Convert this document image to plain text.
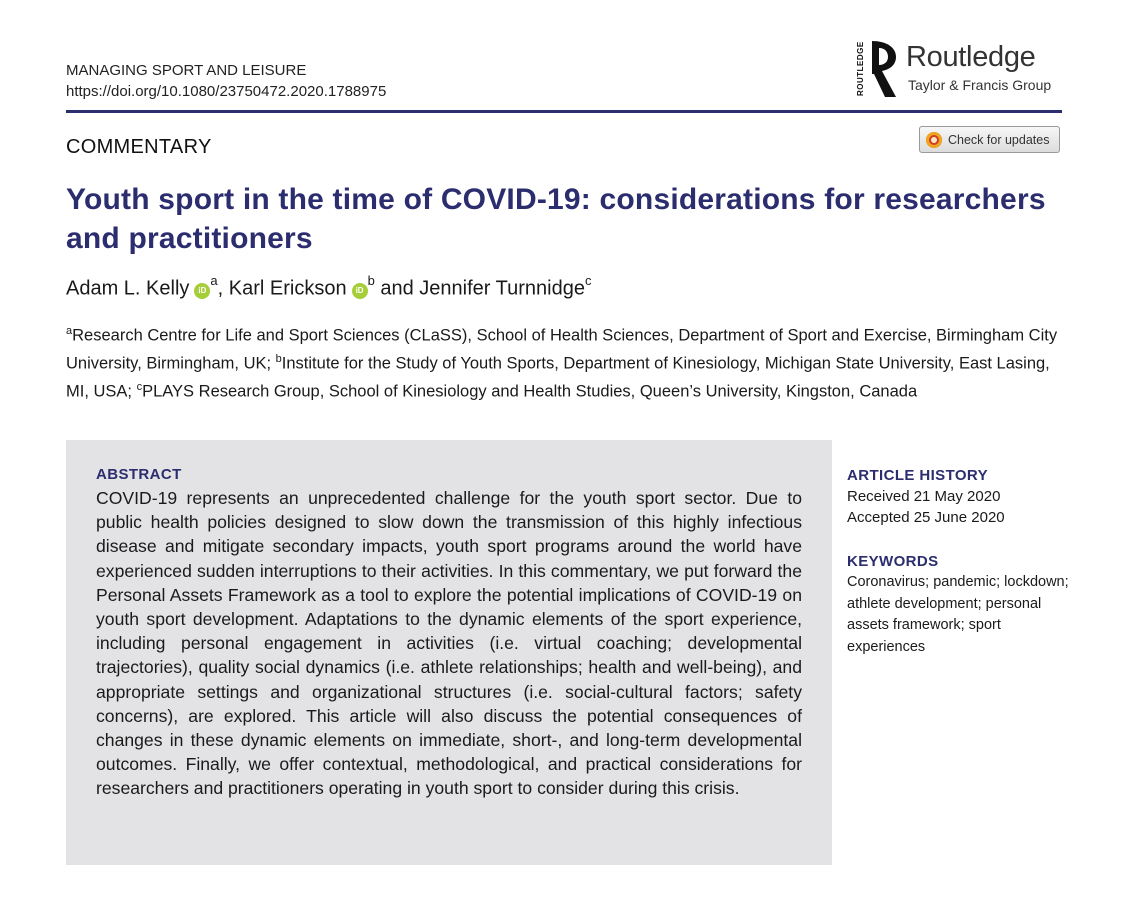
MANAGING SPORT AND LEISURE
https://doi.org/10.1080/23750472.2020.1788975	ROUTLEDGE Routledge
Taylor & Francis Group
COMMENTARY	Check for updates
Youth sport in the time of COVID-19: considerations for researchers and practitioners
Adam L. Kelly $iD^a$, Karl Erickson $iD^b$ and Jennifer Turnnidge$^c$
$^a$Research Centre for Life and Sport Sciences (CLaSS), School of Health Sciences, Department of Sport and Exercise, Birmingham City University, Birmingham, UK; $^b$Institute for the Study of Youth Sports, Department of Kinesiology, Michigan State University, East Lasing, MI, USA; $^c$PLAYS Research Group, School of Kinesiology and Health Studies, Queen’s University, Kingston, Canada
ABSTRACT
COVID-19 represents an unprecedented challenge for the youth sport sector. Due to public health policies designed to slow down the transmission of this highly infectious disease and mitigate secondary impacts, youth sport programs around the world have experienced sudden interruptions to their activities. In this commentary, we put forward the Personal Assets Framework as a tool to explore the potential implications of COVID-19 on youth sport development. Adaptations to the dynamic elements of the sport experience, including personal engagement in activities (i.e. virtual coaching; developmental trajectories), quality social dynamics (i.e. athlete relationships; health and well-being), and appropriate settings and organizational structures (i.e. social-cultural factors; safety concerns), are explored. This article will also discuss the potential consequences of changes in these dynamic elements on immediate, short-, and long-term developmental outcomes. Finally, we offer contextual, methodological, and practical considerations for researchers and practitioners operating in youth sport to consider during this crisis.
ARTICLE HISTORY
Received 21 May 2020
Accepted 25 June 2020
KEYWORDS
Coronavirus; pandemic; lockdown; athlete development; personal assets framework; sport experiences
